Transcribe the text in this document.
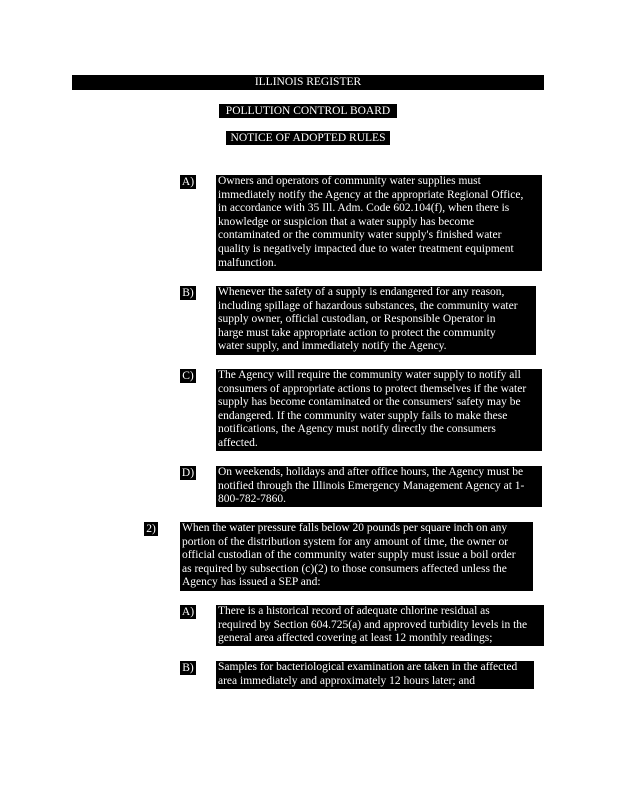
ILLINOIS REGISTER
POLLUTION CONTROL BOARD
NOTICE OF ADOPTED RULES
A) Owners and operators of community water supplies must
immediately notify the Agency at the appropriate Regional Office,
in accordance with 35 Ill. Adm. Code 602.104(f), when there is
knowledge or suspicion that a water supply has become
contaminated or the community water supply's finished water
quality is negatively impacted due to water treatment equipment
malfunction.
B) Whenever the safety of a supply is endangered for any reason,
including spillage of hazardous substances, the community water
supply owner, official custodian, or Responsible Operator in
harge must take appropriate action to protect the community
water supply, and immediately notify the Agency.
C) The Agency will require the community water supply to notify all
consumers of appropriate actions to protect themselves if the water
supply has become contaminated or the consumers' safety may be
endangered. If the community water supply fails to make these
notifications, the Agency must notify directly the consumers
affected.
D) On weekends, holidays and after office hours, the Agency must be
notified through the Illinois Emergency Management Agency at 1-
800-782-7860.
2) When the water pressure falls below 20 pounds per square inch on any
portion of the distribution system for any amount of time, the owner or
official custodian of the community water supply must issue a boil order
as required by subsection (c)(2) to those consumers affected unless the
Agency has issued a SEP and:
A) There is a historical record of adequate chlorine residual as
required by Section 604.725(a) and approved turbidity levels in the
general area affected covering at least 12 monthly readings;
B) Samples for bacteriological examination are taken in the affected
area immediately and approximately 12 hours later; and
